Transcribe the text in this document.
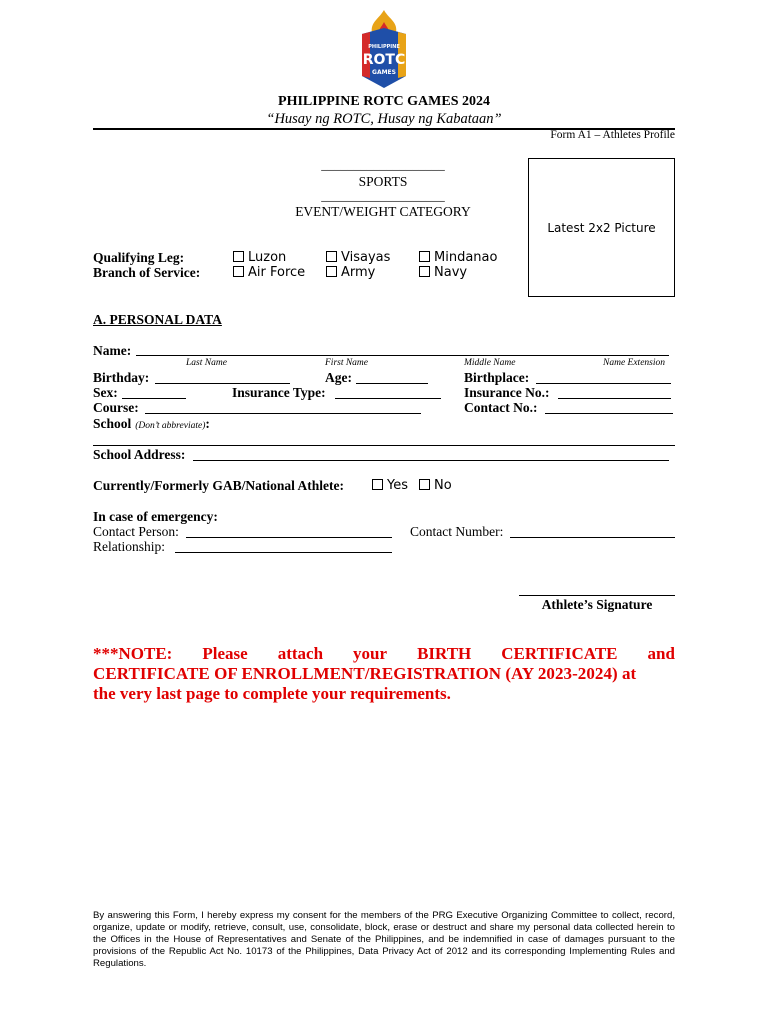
PHILIPPINE
ROTC
GAMES
PHILIPPINE ROTC GAMES 2024
“Husay ng ROTC, Husay ng Kabataan”
Form A1 – Athletes Profile
___________________
SPORTS
___________________
EVENT/WEIGHT CATEGORY
Latest 2x2 Picture
Qualifying Leg:	Luzon	Visayas	Mindanao
Branch of Service:	Air Force	Army	Navy
A. PERSONAL DATA
Name:
Last Name	First Name	Middle Name	Name Extension
Birthday:	Age:	Birthplace:
Sex:	Insurance Type:	Insurance No.:
Course:	Contact No.:
School (Don’t abbreviate):
School Address:
Currently/Formerly GAB/National Athlete:	Yes	No
In case of emergency:
Contact Person:	Contact Number:
Relationship:
Athlete’s Signature
***NOTE: Please attach your BIRTH CERTIFICATE and
CERTIFICATE OF ENROLLMENT/REGISTRATION (AY 2023-2024) at
the very last page to complete your requirements.
By answering this Form, I hereby express my consent for the members of the PRG Executive Organizing Committee to collect, record, organize, update or modify, retrieve, consult, use, consolidate, block, erase or destruct and share my personal data collected herein to the Offices in the House of Representatives and Senate of the Philippines, and be indemnified in case of damages pursuant to the provisions of the Republic Act No. 10173 of the Philippines, Data Privacy Act of 2012 and its corresponding Implementing Rules and Regulations.
